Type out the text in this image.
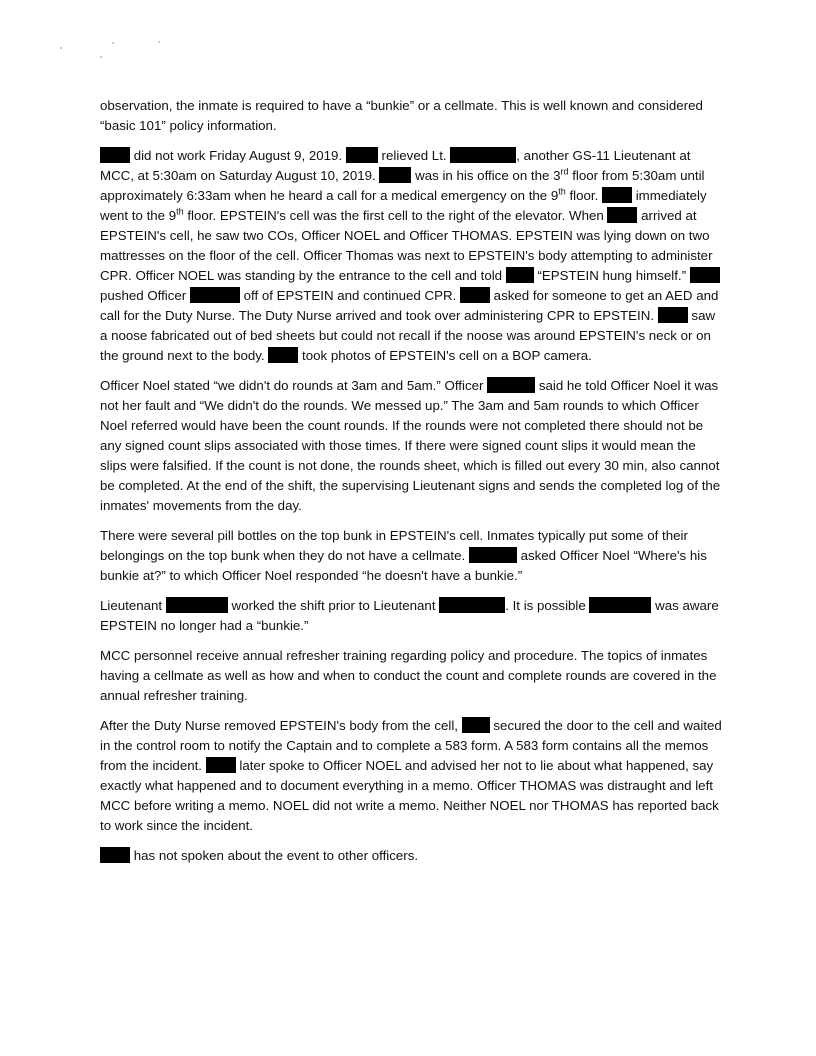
observation, the inmate is required to have a “bunkie” or a cellmate. This is well known and considered “basic 101” policy information.

did not work Friday August 9, 2019.	relieved Lt.	, another GS-11 Lieutenant at MCC, at 5:30am on Saturday August 10, 2019.	was in his office on the 3rd floor from 5:30am until approximately 6:33am when he heard a call for a medical emergency on the 9th floor.	immediately went to the 9th floor. EPSTEIN's cell was the first cell to the right of the elevator. When	arrived at EPSTEIN's cell, he saw two COs, Officer NOEL and Officer THOMAS. EPSTEIN was lying down on two mattresses on the floor of the cell. Officer Thomas was next to EPSTEIN's body attempting to administer CPR. Officer NOEL was standing by the entrance to the cell and told  “EPSTEIN hung himself.”  pushed Officer	off of EPSTEIN and continued CPR.	asked for someone to get an AED and call for the Duty Nurse. The Duty Nurse arrived and took over administering CPR to EPSTEIN.	saw a noose fabricated out of bed sheets but could not recall if the noose was around EPSTEIN's neck or on the ground next to the body.	took photos of EPSTEIN's cell on a BOP camera.

Officer Noel stated “we didn't do rounds at 3am and 5am.” Officer	said he told Officer Noel it was not her fault and “We didn't do the rounds. We messed up.” The 3am and 5am rounds to which Officer Noel referred would have been the count rounds. If the rounds were not completed there should not be any signed count slips associated with those times. If there were signed count slips it would mean the slips were falsified. If the count is not done, the rounds sheet, which is filled out every 30 min, also cannot be completed. At the end of the shift, the supervising Lieutenant signs and sends the completed log of the inmates' movements from the day.

There were several pill bottles on the top bunk in EPSTEIN's cell. Inmates typically put some of their belongings on the top bunk when they do not have a cellmate.	asked Officer Noel “Where's his bunkie at?” to which Officer Noel responded “he doesn't have a bunkie.”

Lieutenant	worked the shift prior to Lieutenant	. It is possible	was aware EPSTEIN no longer had a “bunkie.”

MCC personnel receive annual refresher training regarding policy and procedure. The topics of inmates having a cellmate as well as how and when to conduct the count and complete rounds are covered in the annual refresher training.

After the Duty Nurse removed EPSTEIN's body from the cell,  secured the door to the cell and waited in the control room to notify the Captain and to complete a 583 form. A 583 form contains all the memos from the incident.	later spoke to Officer NOEL and advised her not to lie about what happened, say exactly what happened and to document everything in a memo. Officer THOMAS was distraught and left MCC before writing a memo. NOEL did not write a memo. Neither NOEL nor THOMAS has reported back to work since the incident.

has not spoken about the event to other officers.
